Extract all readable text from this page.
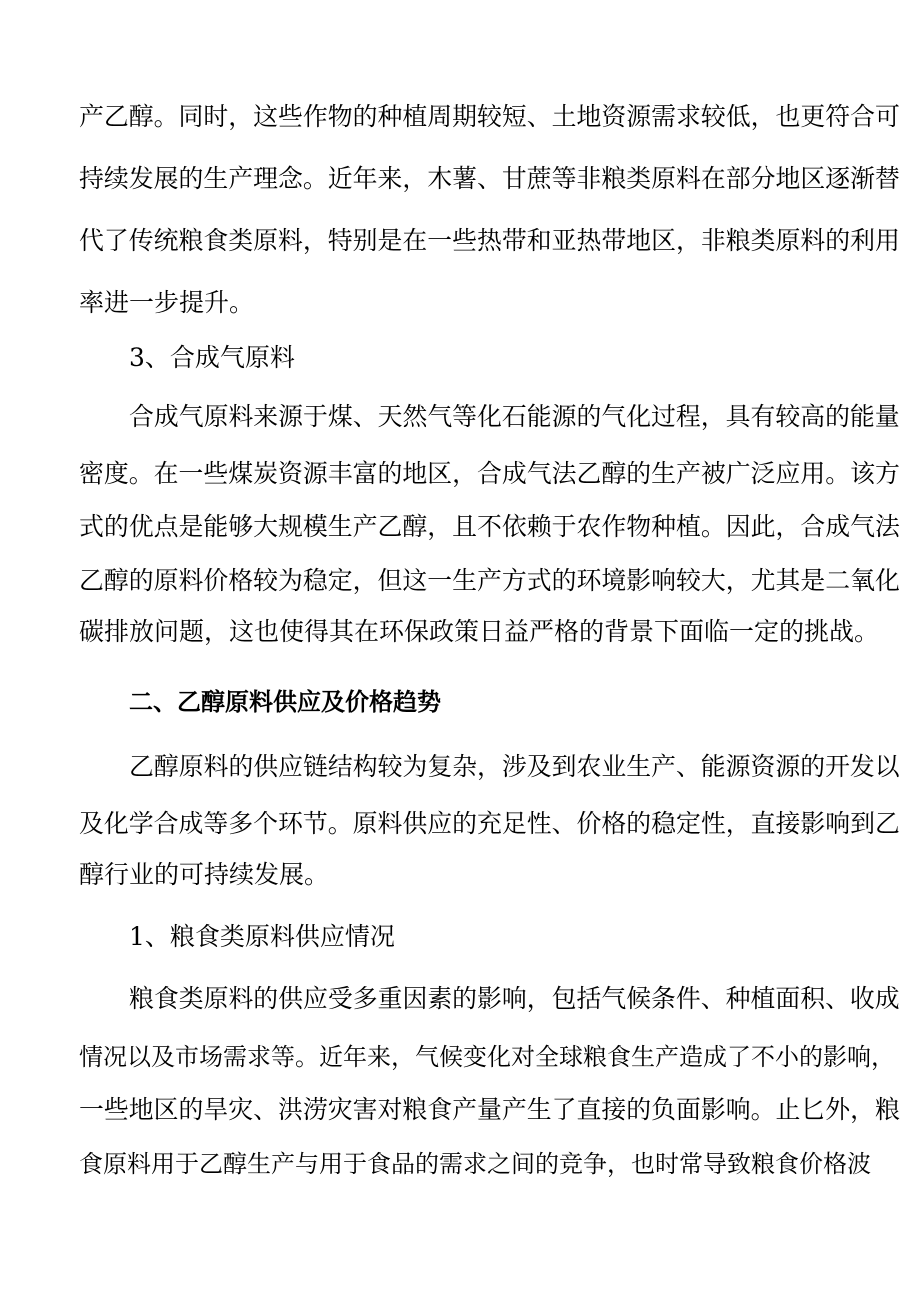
产乙醇。同时，这些作物的种植周期较短、土地资源需求较低，也更符合可
持续发展的生产理念。近年来，木薯、甘蔗等非粮类原料在部分地区逐渐替
代了传统粮食类原料，特别是在一些热带和亚热带地区，非粮类原料的利用
率进一步提升。
3、合成气原料
合成气原料来源于煤、天然气等化石能源的气化过程，具有较高的能量
密度。在一些煤炭资源丰富的地区，合成气法乙醇的生产被广泛应用。该方
式的优点是能够大规模生产乙醇，且不依赖于农作物种植。因此，合成气法
乙醇的原料价格较为稳定，但这一生产方式的环境影响较大，尤其是二氧化
碳排放问题，这也使得其在环保政策日益严格的背景下面临一定的挑战。
二、乙醇原料供应及价格趋势
乙醇原料的供应链结构较为复杂，涉及到农业生产、能源资源的开发以
及化学合成等多个环节。原料供应的充足性、价格的稳定性，直接影响到乙
醇行业的可持续发展。
1、粮食类原料供应情况
粮食类原料的供应受多重因素的影响，包括气候条件、种植面积、收成
情况以及市场需求等。近年来，气候变化对全球粮食生产造成了不小的影响，
一些地区的旱灾、洪涝灾害对粮食产量产生了直接的负面影响。止匕外，粮
食原料用于乙醇生产与用于食品的需求之间的竞争，也时常导致粮食价格波
